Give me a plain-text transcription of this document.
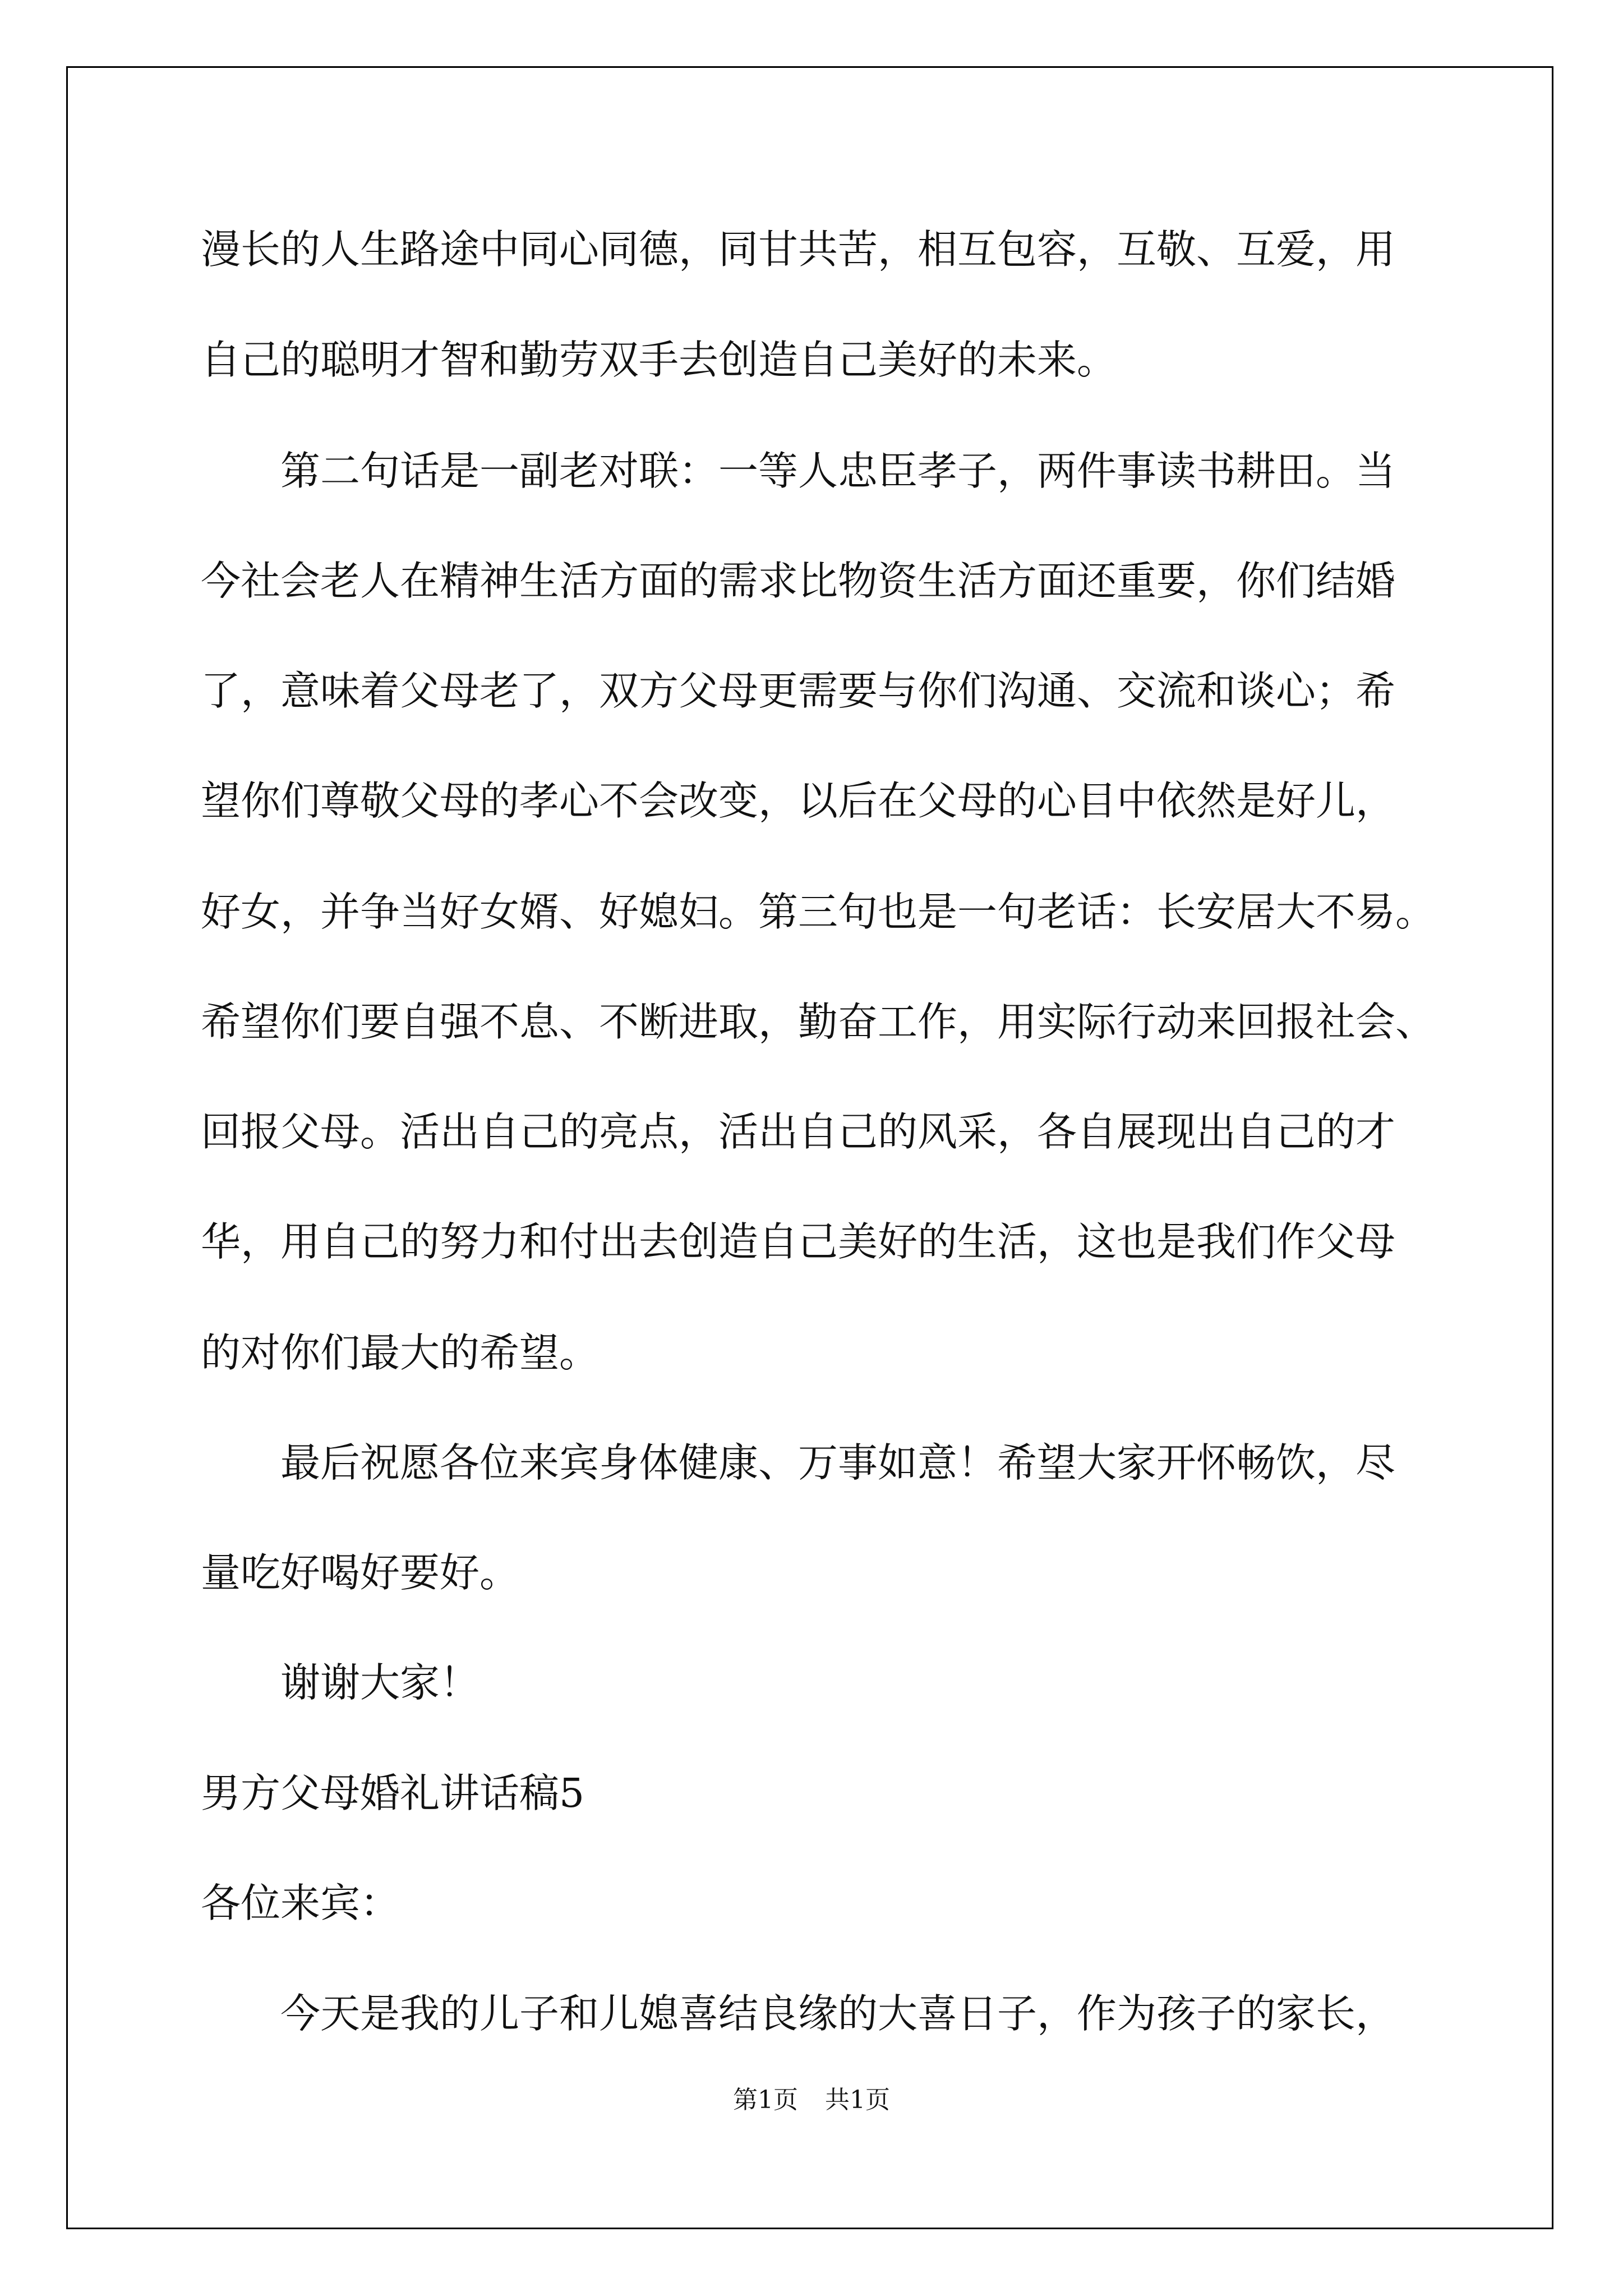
漫长的人生路途中同心同德，同甘共苦，相互包容，互敬、互爱，用

自己的聪明才智和勤劳双手去创造自己美好的未来。

第二句话是一副老对联：一等人忠臣孝子，两件事读书耕田。当

今社会老人在精神生活方面的需求比物资生活方面还重要，你们结婚

了，意味着父母老了，双方父母更需要与你们沟通、交流和谈心；希

望你们尊敬父母的孝心不会改变，以后在父母的心目中依然是好儿，

好女，并争当好女婿、好媳妇。第三句也是一句老话：长安居大不易。

希望你们要自强不息、不断进取，勤奋工作，用实际行动来回报社会、

回报父母。活出自己的亮点，活出自己的风采，各自展现出自己的才

华，用自己的努力和付出去创造自己美好的生活，这也是我们作父母

的对你们最大的希望。

最后祝愿各位来宾身体健康、万事如意！希望大家开怀畅饮，尽

量吃好喝好要好。

谢谢大家！

男方父母婚礼讲话稿5

各位来宾：

今天是我的儿子和儿媳喜结良缘的大喜日子，作为孩子的家长，

第1页 共1页
